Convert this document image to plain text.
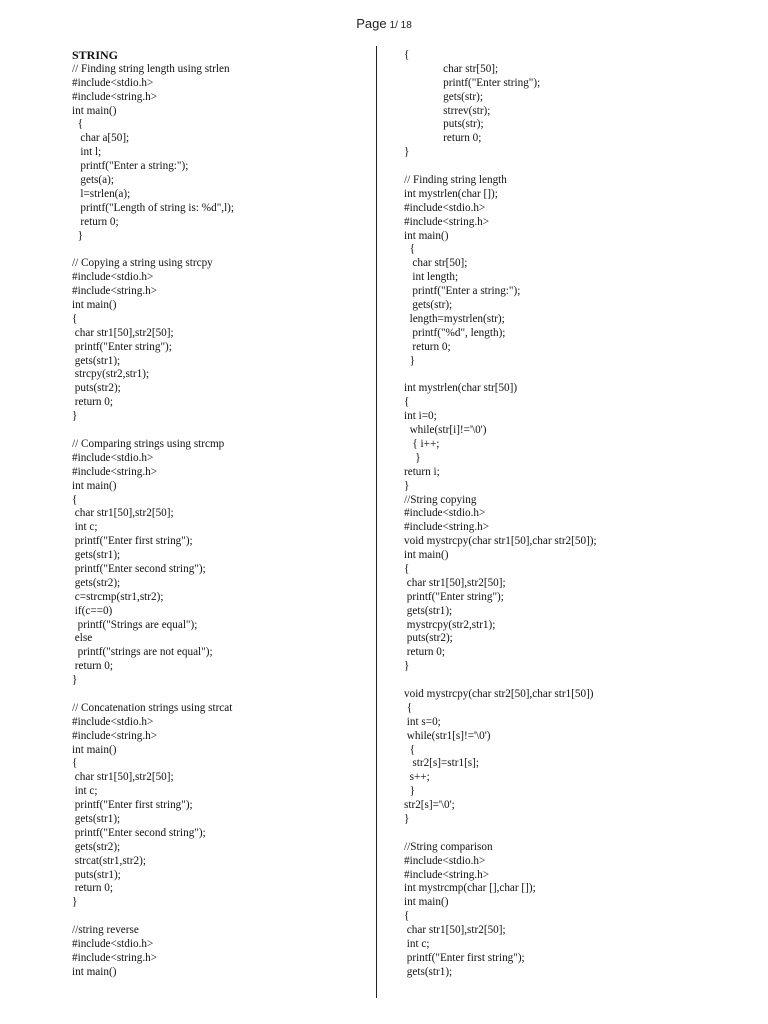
Page 1/ 18
STRING
// Finding string length using strlen
#include<stdio.h>
#include<string.h>
int main()
{
char a[50];
int l;
printf("Enter a string:");
gets(a);
l=strlen(a);
printf("Length of string is: %d",l);
return 0;
}
// Copying a string using strcpy
#include<stdio.h>
#include<string.h>
int main()
{
char str1[50],str2[50];
printf("Enter string");
gets(str1);
strcpy(str2,str1);
puts(str2);
return 0;
}
// Comparing strings using strcmp
#include<stdio.h>
#include<string.h>
int main()
{
char str1[50],str2[50];
int c;
printf("Enter first string");
gets(str1);
printf("Enter second string");
gets(str2);
c=strcmp(str1,str2);
if(c==0)
printf("Strings are equal");
else
printf("strings are not equal");
return 0;
}
// Concatenation strings using strcat
#include<stdio.h>
#include<string.h>
int main()
{
char str1[50],str2[50];
int c;
printf("Enter first string");
gets(str1);
printf("Enter second string");
gets(str2);
strcat(str1,str2);
puts(str1);
return 0;
}
//string reverse
#include<stdio.h>
#include<string.h>
int main()
{
char str[50];
printf("Enter string");
gets(str);
strrev(str);
puts(str);
return 0;
}
// Finding string length
int mystrlen(char []);
#include<stdio.h>
#include<string.h>
int main()
{
char str[50];
int length;
printf("Enter a string:");
gets(str);
length=mystrlen(str);
printf("%d", length);
return 0;
}
int mystrlen(char str[50])
{
int i=0;
while(str[i]!='\0')
{ i++;
}
return i;
}
//String copying
#include<stdio.h>
#include<string.h>
void mystrcpy(char str1[50],char str2[50]);
int main()
{
char str1[50],str2[50];
printf("Enter string");
gets(str1);
mystrcpy(str2,str1);
puts(str2);
return 0;
}
void mystrcpy(char str2[50],char str1[50])
{
int s=0;
while(str1[s]!='\0')
{
str2[s]=str1[s];
s++;
}
str2[s]='\0';
}
//String comparison
#include<stdio.h>
#include<string.h>
int mystrcmp(char [],char []);
int main()
{
char str1[50],str2[50];
int c;
printf("Enter first string");
gets(str1);
